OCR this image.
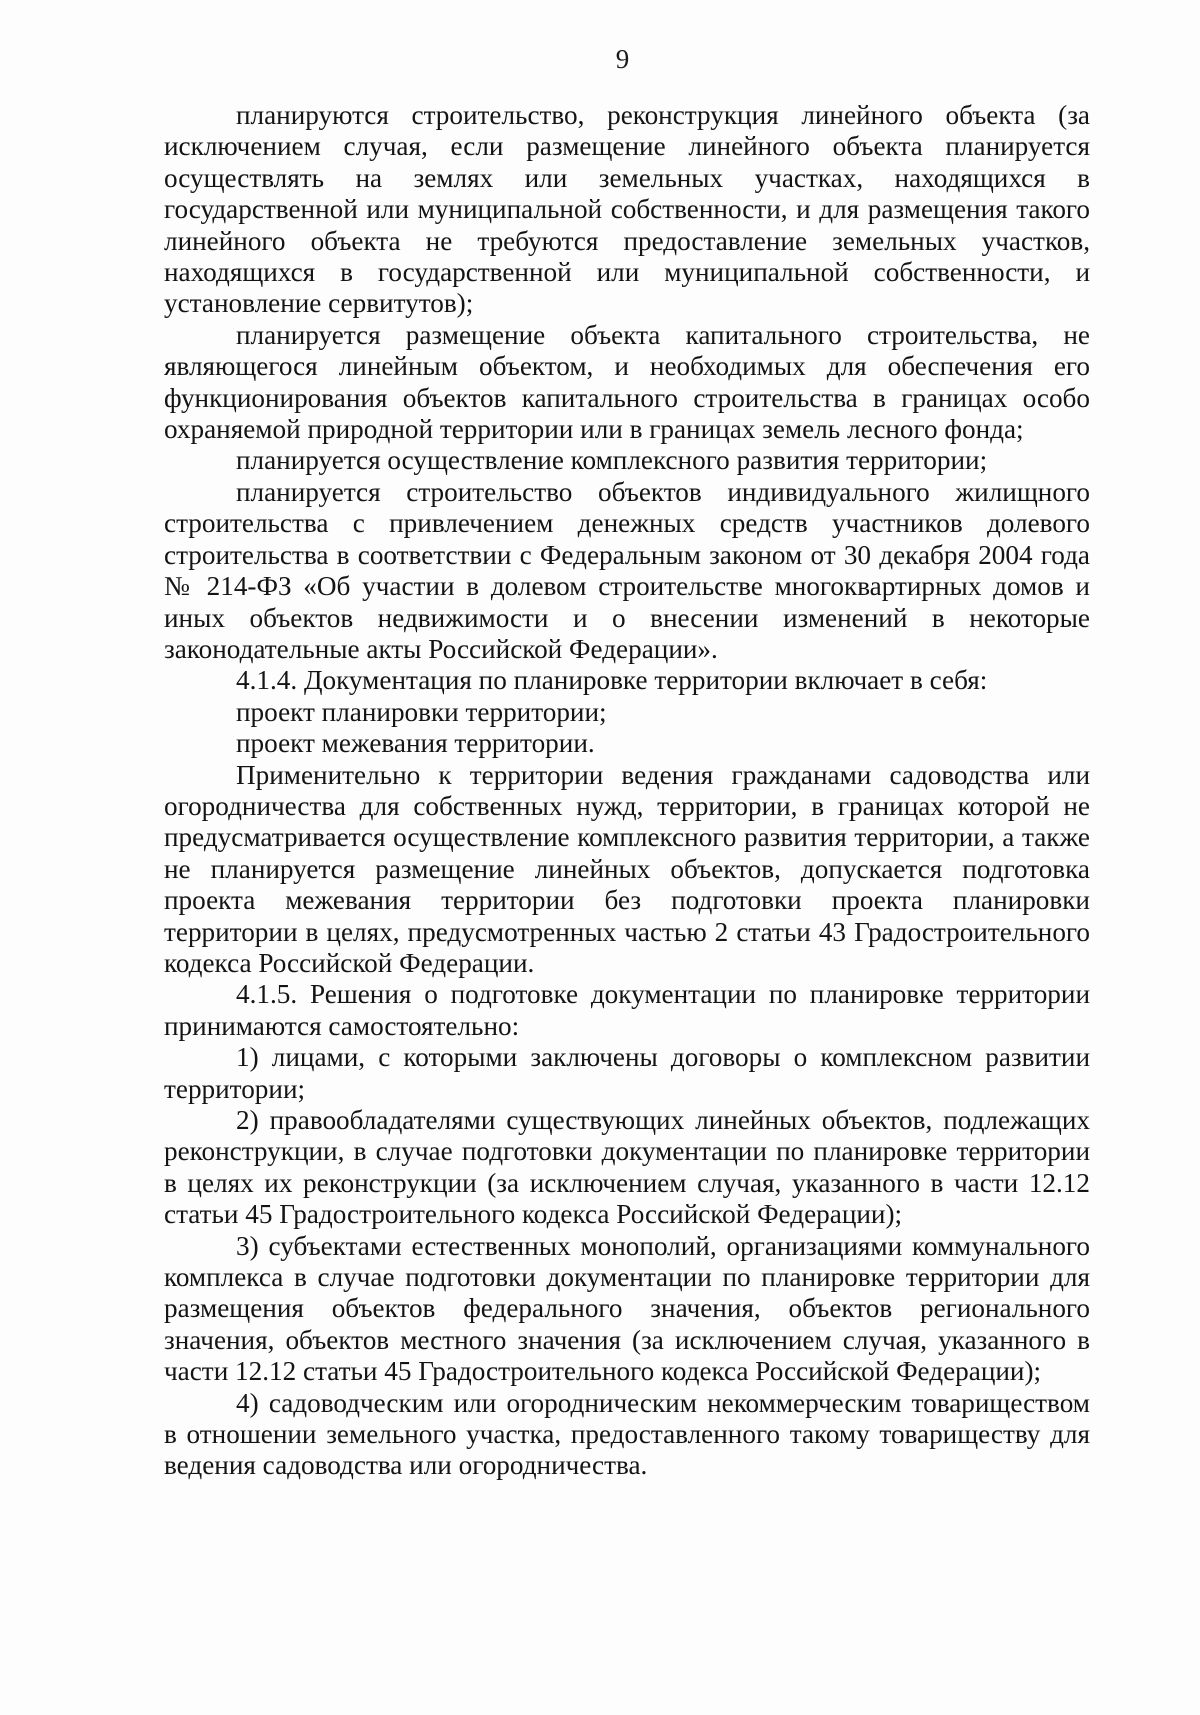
9

планируются строительство, реконструкция линейного объекта (за исключением случая, если размещение линейного объекта планируется осуществлять на землях или земельных участках, находящихся в государственной или муниципальной собственности, и для размещения такого линейного объекта не требуются предоставление земельных участков, находящихся в государственной или муниципальной собственности, и установление сервитутов);

планируется размещение объекта капитального строительства, не являющегося линейным объектом, и необходимых для обеспечения его функционирования объектов капитального строительства в границах особо охраняемой природной территории или в границах земель лесного фонда;

планируется осуществление комплексного развития территории;

планируется строительство объектов индивидуального жилищного строительства с привлечением денежных средств участников долевого строительства в соответствии с Федеральным законом от 30 декабря 2004 года № 214-ФЗ «Об участии в долевом строительстве многоквартирных домов и иных объектов недвижимости и о внесении изменений в некоторые законодательные акты Российской Федерации».

4.1.4. Документация по планировке территории включает в себя:

проект планировки территории;

проект межевания территории.

Применительно к территории ведения гражданами садоводства или огородничества для собственных нужд, территории, в границах которой не предусматривается осуществление комплексного развития территории, а также не планируется размещение линейных объектов, допускается подготовка проекта межевания территории без подготовки проекта планировки территории в целях, предусмотренных частью 2 статьи 43 Градостроительного кодекса Российской Федерации.

4.1.5. Решения о подготовке документации по планировке территории принимаются самостоятельно:

1) лицами, с которыми заключены договоры о комплексном развитии территории;

2) правообладателями существующих линейных объектов, подлежащих реконструкции, в случае подготовки документации по планировке территории в целях их реконструкции (за исключением случая, указанного в части 12.12 статьи 45 Градостроительного кодекса Российской Федерации);

3) субъектами естественных монополий, организациями коммунального комплекса в случае подготовки документации по планировке территории для размещения объектов федерального значения, объектов регионального значения, объектов местного значения (за исключением случая, указанного в части 12.12 статьи 45 Градостроительного кодекса Российской Федерации);

4) садоводческим или огородническим некоммерческим товариществом в отношении земельного участка, предоставленного такому товариществу для ведения садоводства или огородничества.
